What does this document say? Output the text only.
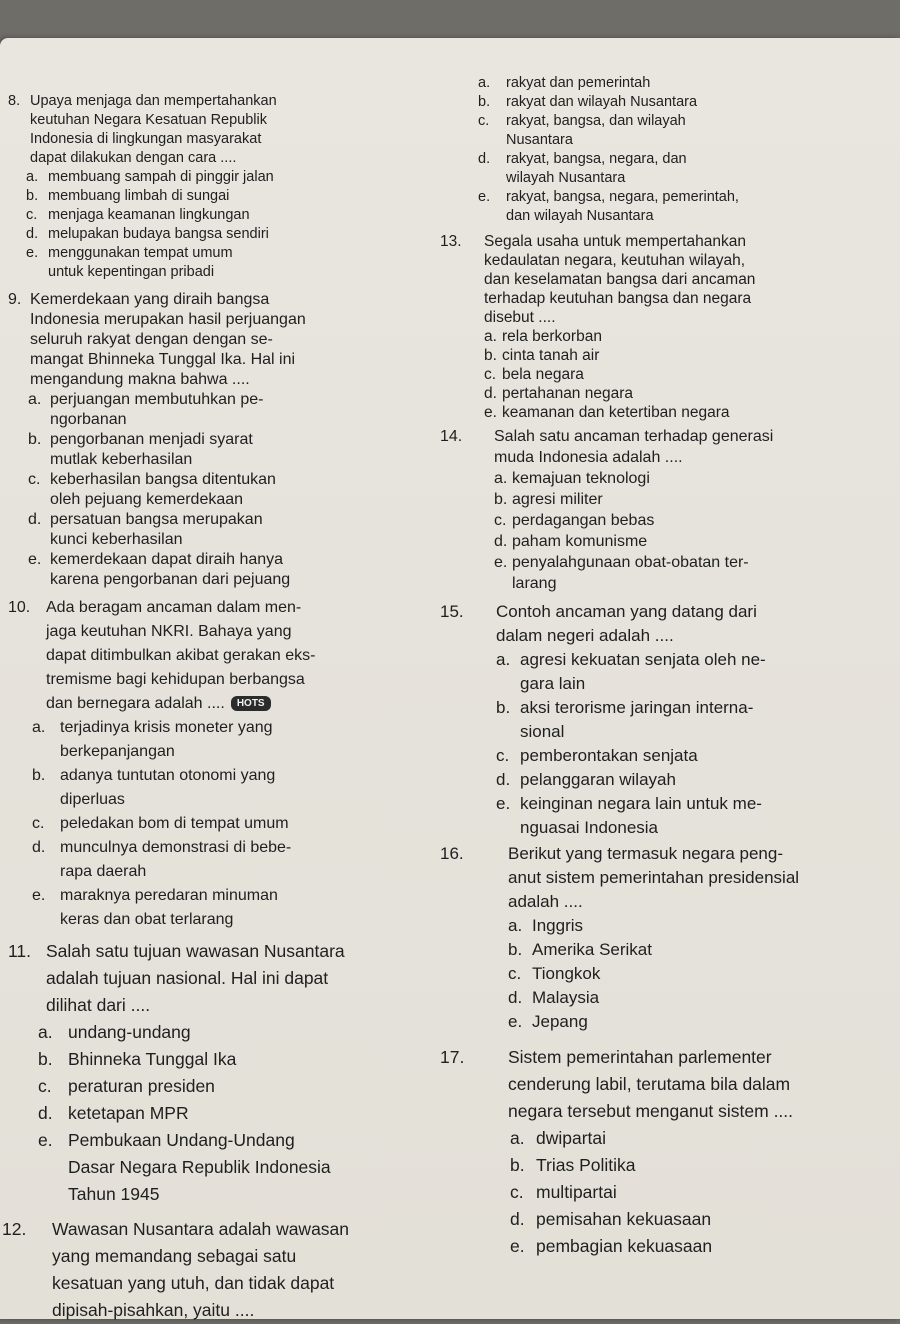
8. Upaya menjaga dan mempertahankan
keutuhan Negara Kesatuan Republik
Indonesia di lingkungan masyarakat
dapat dilakukan dengan cara ....
a. membuang sampah di pinggir jalan
b. membuang limbah di sungai
c. menjaga keamanan lingkungan
d. melupakan budaya bangsa sendiri
e. menggunakan tempat umum
untuk kepentingan pribadi
9. Kemerdekaan yang diraih bangsa
Indonesia merupakan hasil perjuangan
seluruh rakyat dengan dengan se-
mangat Bhinneka Tunggal Ika. Hal ini
mengandung makna bahwa ....
a. perjuangan membutuhkan pe-
ngorbanan
b. pengorbanan menjadi syarat
mutlak keberhasilan
c. keberhasilan bangsa ditentukan
oleh pejuang kemerdekaan
d. persatuan bangsa merupakan
kunci keberhasilan
e. kemerdekaan dapat diraih hanya
karena pengorbanan dari pejuang
10. Ada beragam ancaman dalam men-
jaga keutuhan NKRI. Bahaya yang
dapat ditimbulkan akibat gerakan eks-
tremisme bagi kehidupan berbangsa
dan bernegara adalah .... HOTS
a. terjadinya krisis moneter yang
berkepanjangan
b. adanya tuntutan otonomi yang
diperluas
c. peledakan bom di tempat umum
d. munculnya demonstrasi di bebe-
rapa daerah
e. maraknya peredaran minuman
keras dan obat terlarang
11. Salah satu tujuan wawasan Nusantara
adalah tujuan nasional. Hal ini dapat
dilihat dari ....
a. undang-undang
b. Bhinneka Tunggal Ika
c. peraturan presiden
d. ketetapan MPR
e. Pembukaan Undang-Undang
Dasar Negara Republik Indonesia
Tahun 1945
12. Wawasan Nusantara adalah wawasan
yang memandang sebagai satu
kesatuan yang utuh, dan tidak dapat
dipisah-pisahkan, yaitu ....
a. rakyat dan pemerintah
b. rakyat dan wilayah Nusantara
c. rakyat, bangsa, dan wilayah
Nusantara
d. rakyat, bangsa, negara, dan
wilayah Nusantara
e. rakyat, bangsa, negara, pemerintah,
dan wilayah Nusantara
13. Segala usaha untuk mempertahankan
kedaulatan negara, keutuhan wilayah,
dan keselamatan bangsa dari ancaman
terhadap keutuhan bangsa dan negara
disebut ....
a. rela berkorban
b. cinta tanah air
c. bela negara
d. pertahanan negara
e. keamanan dan ketertiban negara
14. Salah satu ancaman terhadap generasi
muda Indonesia adalah ....
a. kemajuan teknologi
b. agresi militer
c. perdagangan bebas
d. paham komunisme
e. penyalahgunaan obat-obatan ter-
larang
15. Contoh ancaman yang datang dari
dalam negeri adalah ....
a. agresi kekuatan senjata oleh ne-
gara lain
b. aksi terorisme jaringan interna-
sional
c. pemberontakan senjata
d. pelanggaran wilayah
e. keinginan negara lain untuk me-
nguasai Indonesia
16.	Berikut yang termasuk negara peng-
anut sistem pemerintahan presidensial
adalah ....
a. Inggris
b. Amerika Serikat
c. Tiongkok
d. Malaysia
e. Jepang
17. Sistem pemerintahan parlementer
cenderung labil, terutama bila dalam
negara tersebut menganut sistem ....
a. dwipartai
b. Trias Politika
c. multipartai
d. pemisahan kekuasaan
e. pembagian kekuasaan
